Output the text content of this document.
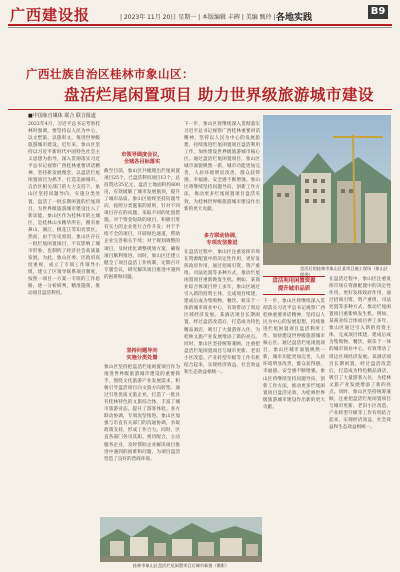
广西建设报	| 2023年 11月 20日 星期一 | 本版编辑 丰碑 | 美编 甄玲 | 各地实践
B9
广西壮族自治区桂林市象山区：
盘活烂尾闲置项目 助力世界级旅游城市建设
■中国象自媒体 联合 联合报道
2023年4月，习近平总书记考察桂林时强调，要坚持以人民为中心，以文塑旅、以旅彰文，推进世界级旅游城市建设。近年来，象山区坚持以习近平新时代中国特色社会主义思想为指导，深入贯彻落实习近平总书记视察广西桂林重要讲话精神，坚持新发展理念，以盘活烂尾闲置项目为抓手，打造美丽城市。自治区相关部门的大力支持下，象山区坚持问题导向，实施分类处置，盘活了一批长期闲置的烂尾项目，为世界级旅游城市建设注入了新动能。象山区作为桂林市的主城区，是桂林山水精华所在，拥有象鼻山、漓江、桃花江等知名景区。然而，由于历史原因，象山区存在一批烂尾闲置项目，不仅影响了城市形象，也制约了经济社会高质量发展。为此，象山区委、区政府高度重视，成立了专项工作领导小组，建立了区领导联系项目制度，按照一项目一方案一专班的工作思路，逐一分析研判，精准施策，推动项目盘活利用。
市领导调度会议，
全城各目标落实
截至目前，象山区共梳理出烂尾闲置项目25个，已盘活利用项目13个，总投资达35亿元，盘活土地面积约600亩，有效破解了城市发展瓶颈，提升了城市品质。象山区始终坚持问题导向，按照分类施策的原则，针对不同项目存在的问题，采取不同的处置措施。对于资金短缺的项目，积极引进有实力的企业进行合作开发；对于手续不全的项目，开辟绿色通道，帮助企业完善相关手续；对于规划调整的项目，及时优化调整规划方案，确保项目顺利推进。同时，象山区还建立健全了项目盘活工作机制，定期召开专题会议，研究解决项目推进中遇到的困难和问题。
坚持问题导向
实施分类处置
象山区坚持把盘活烂尾闲置项目作为推进世界级旅游城市建设的重要抓手，围绕文化旅游产业发展需求，积极引导盘活项目向文旅方向转型。通过引进优质文旅企业，打造了一批具有桂林特色的文旅综合体，丰富了城市旅游业态，提升了游客体验。多方联动协调，专项攻坚推进。象山区加强与市直有关部门的沟通协调，争取政策支持，形成工作合力。同时，区直各部门各司其职、密切配合，主动服务企业，及时帮助企业解决项目推进中遇到的困难和问题，为项目盘活营造了良好的营商环境。
多方联动协调，
专项攻坚推进
下一步，象山区将继续深入贯彻落实习近平总书记视察广西桂林重要讲话精神，坚持以人民为中心的发展思想，持续推进烂尾闲置项目盘活利用工作，加快建设世界级旅游城市核心区。通过盘活烂尾闲置项目，象山区城市面貌焕然一新，城市功能更加完善，人居环境明显改善，群众获得感、幸福感、安全感不断增强。象山区将继续坚持问题导向，创新工作方法，推动更多烂尾闲置项目盘活见效，为桂林世界级旅游城市建设作出新的更大贡献。
在盘活过程中，象山区注重发挥市场在资源配置中的决定性作用，更好发挥政府作用，通过招商引资、资产重组、司法处置等多种方式，推动烂尾闲置项目重新焕发生机。例如，某商业综合体项目停工多年，象山区通过引入新的投资主体，完成项目续建，建成后成为集购物、餐饮、娱乐于一体的城市商业中心，有效带动了周边区域经济发展。某酒店项目长期闲置，经过盘活改造后，打造成为特色精品酒店，吸引了大量游客入住，为桂林文旅产业发展增添了新的亮点。同时，象山区坚持统筹兼顾，注重把盘活烂尾闲置项目与城市更新、老旧小区改造、产业转型升级等工作有机结合起来，实现经济效益、社会效益和生态效益相统一。
盘活后的桂林市象山区某项目施工现场（象山区提供）
盘活利用闲置资源
提升城市品质
下一步，象山区将继续深入贯彻落实习近平总书记视察广西桂林重要讲话精神，坚持以人民为中心的发展思想，持续推进烂尾闲置项目盘活利用工作，加快建设世界级旅游城市核心区。通过盘活烂尾闲置项目，象山区城市面貌焕然一新，城市功能更加完善，人居环境明显改善，群众获得感、幸福感、安全感不断增强。象山区将继续坚持问题导向，创新工作方法，推动更多烂尾闲置项目盘活见效，为桂林世界级旅游城市建设作出新的更大贡献。
在盘活过程中，象山区注重发挥市场在资源配置中的决定性作用，更好发挥政府作用，通过招商引资、资产重组、司法处置等多种方式，推动烂尾闲置项目重新焕发生机。例如，某商业综合体项目停工多年，象山区通过引入新的投资主体，完成项目续建，建成后成为集购物、餐饮、娱乐于一体的城市商业中心，有效带动了周边区域经济发展。某酒店项目长期闲置，经过盘活改造后，打造成为特色精品酒店，吸引了大量游客入住，为桂林文旅产业发展增添了新的亮点。同时，象山区坚持统筹兼顾，注重把盘活烂尾闲置项目与城市更新、老旧小区改造、产业转型升级等工作有机结合起来，实现经济效益、社会效益和生态效益相统一。
桂林市象山区盘活烂尾闲置项目后城市新貌（摄影）
